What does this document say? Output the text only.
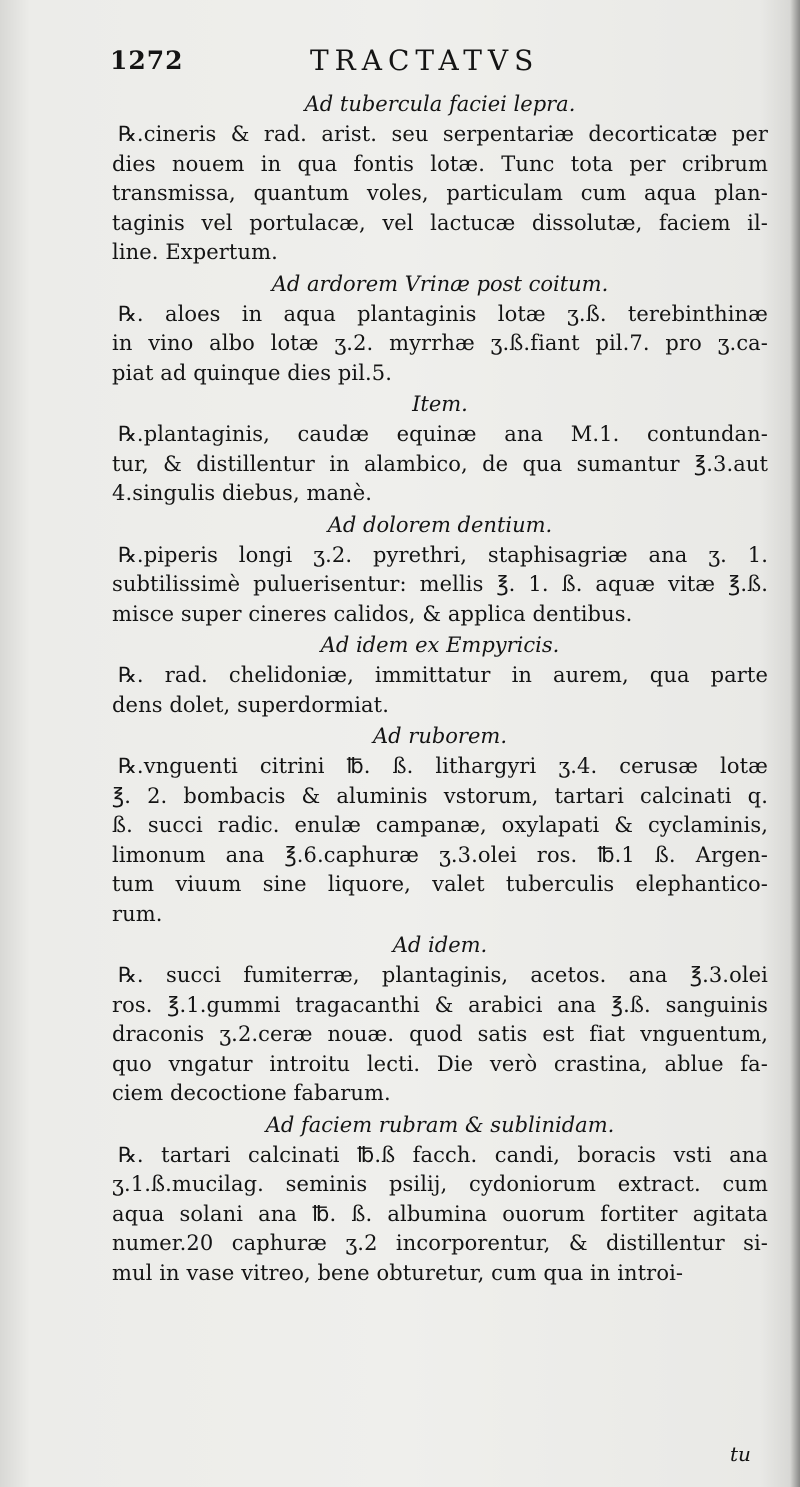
1272	TRACTATVS
Ad tubercula faciei lepra.
℞.cineris & rad. arist. seu serpentariæ decorticatæ per
dies nouem in qua fontis lotæ. Tunc tota per cribrum
transmissa, quantum voles, particulam cum aqua plan-
taginis vel portulacæ, vel lactucæ dissolutæ, faciem il-
line. Expertum.
Ad ardorem Vrinæ post coitum.
℞. aloes in aqua plantaginis lotæ ʒ.ß. terebinthinæ
in vino albo lotæ ʒ.2. myrrhæ ʒ.ß.fiant pil.7. pro ʒ.ca-
piat ad quinque dies pil.5.
Item.
℞.plantaginis, caudæ equinæ ana M.1. contundan-
tur, & distillentur in alambico, de qua sumantur ℥.3.aut
4.singulis diebus, manè.
Ad dolorem dentium.
℞.piperis longi ʒ.2. pyrethri, staphisagriæ ana ʒ. 1.
subtilissimè puluerisentur: mellis ℥. 1. ß. aquæ vitæ ℥.ß.
misce super cineres calidos, & applica dentibus.
Ad idem ex Empyricis.
℞. rad. chelidoniæ, immittatur in aurem, qua parte
dens dolet, superdormiat.
Ad ruborem.
℞.vnguenti citrini ℔. ß. lithargyri ʒ.4. cerusæ lotæ
℥. 2. bombacis & aluminis vstorum, tartari calcinati q.
ß. succi radic. enulæ campanæ, oxylapati & cyclaminis,
limonum ana ℥.6.caphuræ ʒ.3.olei ros. ℔.1 ß. Argen-
tum viuum sine liquore, valet tuberculis elephantico-
rum.
Ad idem.
℞. succi fumiterræ, plantaginis, acetos. ana ℥.3.olei
ros. ℥.1.gummi tragacanthi & arabici ana ℥.ß. sanguinis
draconis ʒ.2.ceræ nouæ. quod satis est fiat vnguentum,
quo vngatur introitu lecti. Die verò crastina, ablue fa-
ciem decoctione fabarum.
Ad faciem rubram & sublinidam.
℞. tartari calcinati ℔.ß facch. candi, boracis vsti ana
ʒ.1.ß.mucilag. seminis psilij, cydoniorum extract. cum
aqua solani ana ℔. ß. albumina ouorum fortiter agitata
numer.20 caphuræ ʒ.2 incorporentur, & distillentur si-
mul in vase vitreo, bene obturetur, cum qua in introi-
tu
